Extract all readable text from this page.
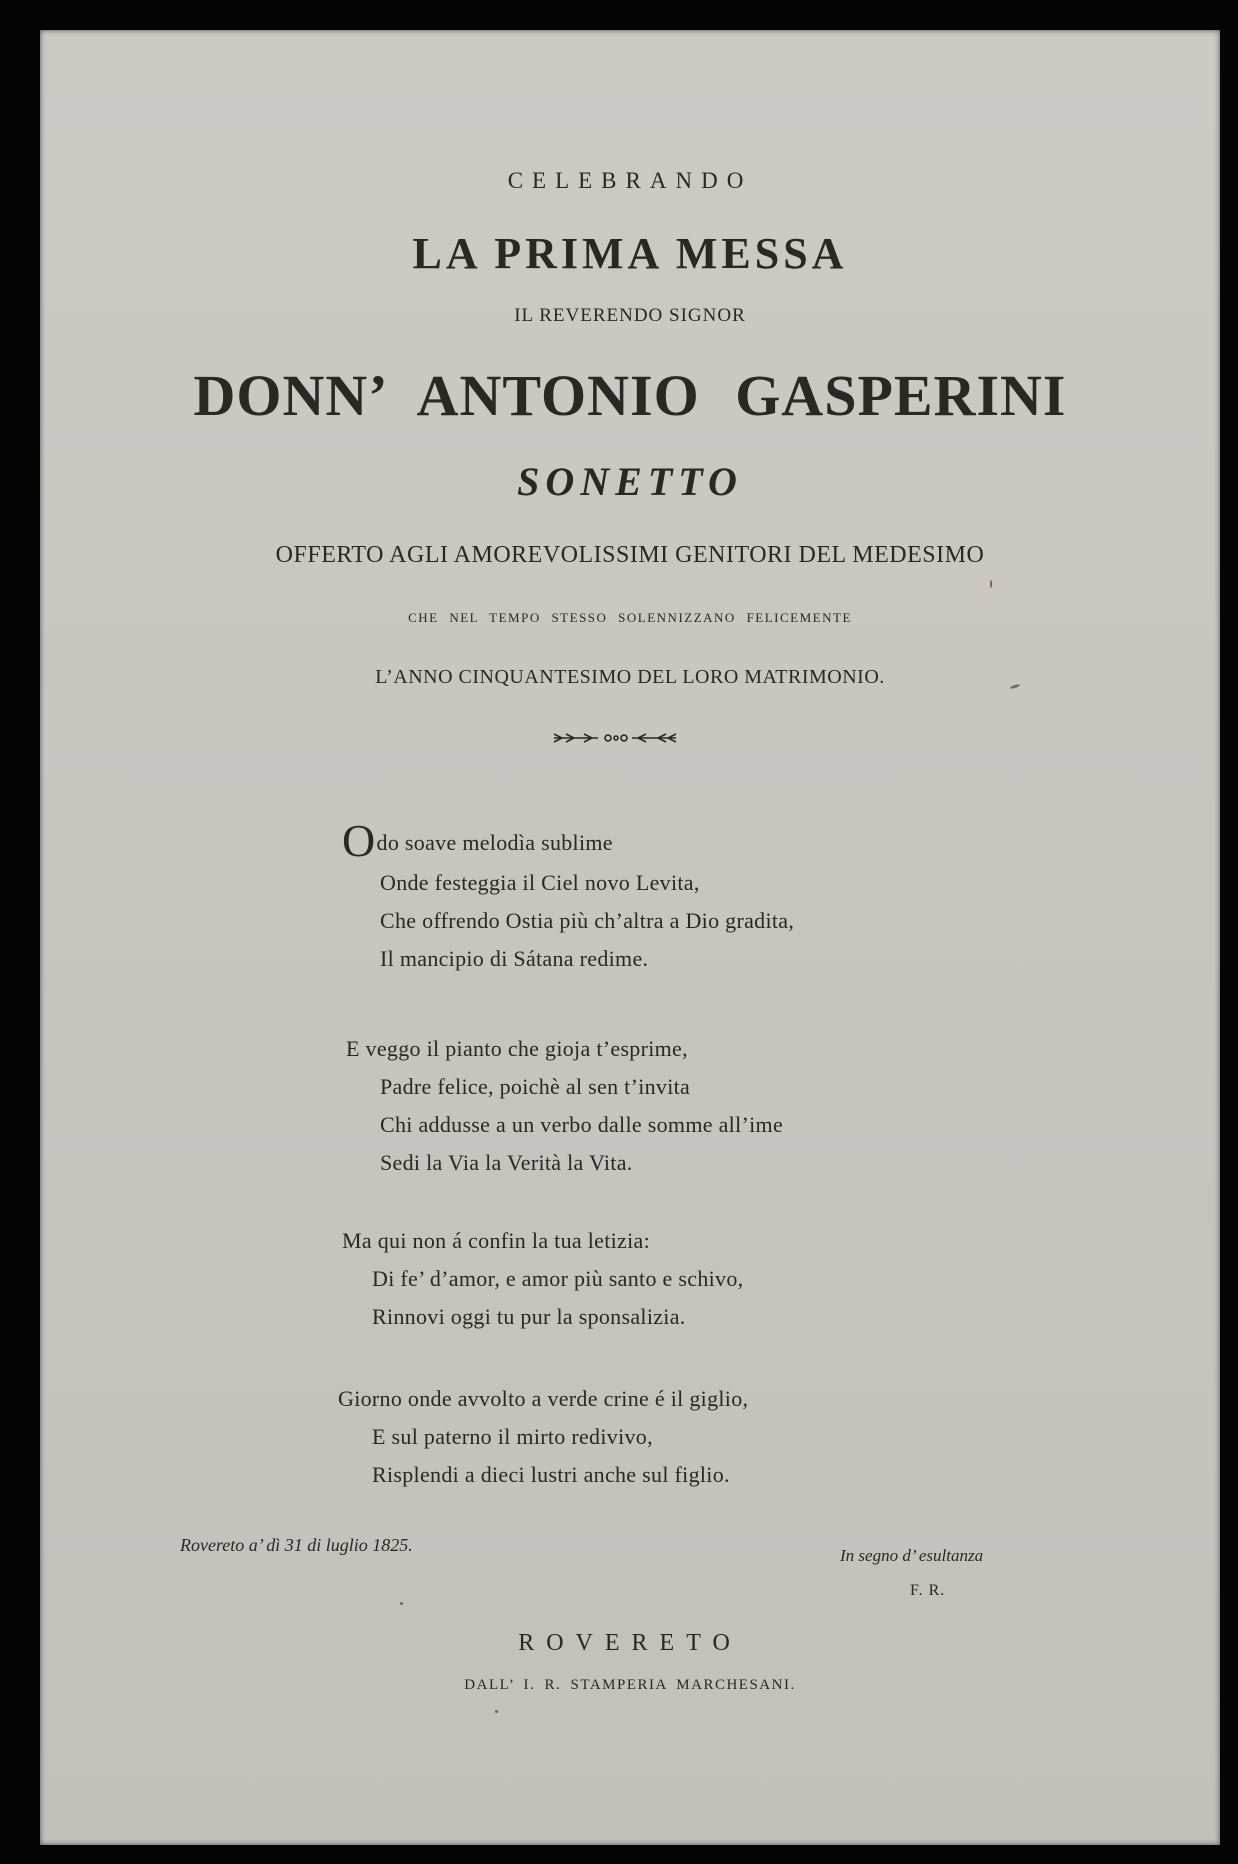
CELEBRANDO
LA PRIMA MESSA
IL REVERENDO SIGNOR
DONN’ ANTONIO GASPERINI
SONETTO
OFFERTO AGLI AMOREVOLISSIMI GENITORI DEL MEDESIMO
CHE NEL TEMPO STESSO SOLENNIZZANO FELICEMENTE
L’ANNO CINQUANTESIMO DEL LORO MATRIMONIO.
Odo soave melodìa sublime
Onde festeggia il Ciel novo Levita,
Che offrendo Ostia più ch’altra a Dio gradita,
Il mancipio di Sátana redime.
E veggo il pianto che gioja t’esprime,
Padre felice, poichè al sen t’invita
Chi addusse a un verbo dalle somme all’ime
Sedi la Via la Verità la Vita.
Ma qui non á confin la tua letizia:
Di fe’ d’amor, e amor più santo e schivo,
Rinnovi oggi tu pur la sponsalizia.
Giorno onde avvolto a verde crine é il giglio,
E sul paterno il mirto redivivo,
Risplendi a dieci lustri anche sul figlio.
Rovereto a’ dì 31 di luglio 1825.
In segno d’ esultanza
F. R.
ROVERETO
DALL’ I. R. STAMPERIA MARCHESANI.
